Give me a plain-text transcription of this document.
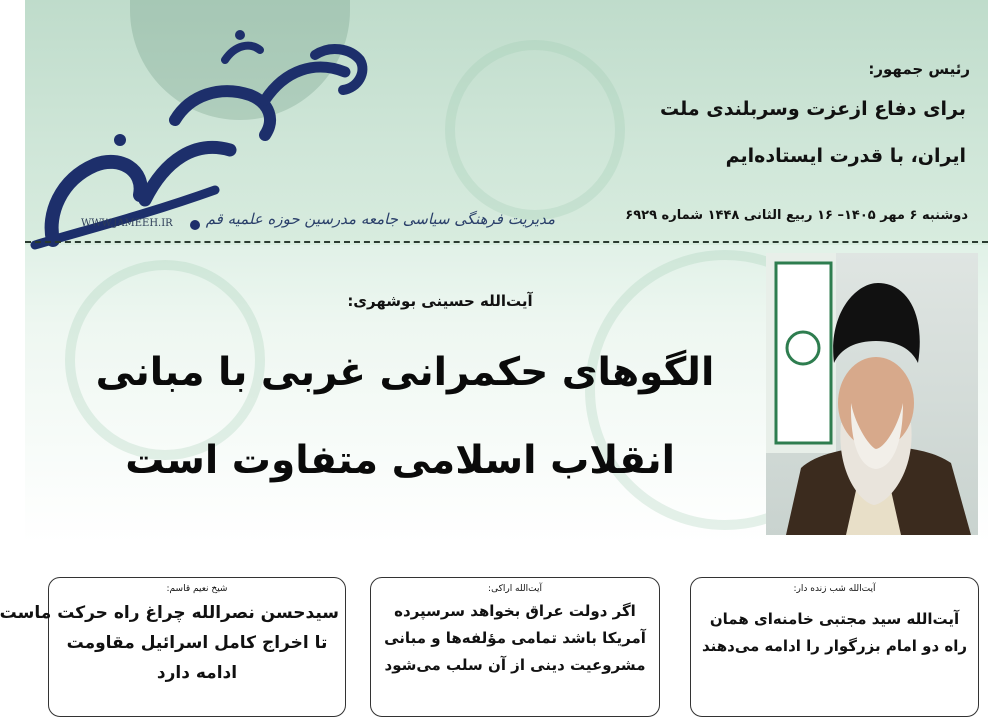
WWW.JAMEEH.IR مدیریت فرهنگی سیاسی جامعه مدرسین حوزه علمیه قم
رئیس جمهور:
برای دفاع ازعزت وسربلندی ملت
ایران، با قدرت ایستاده‌ایم
دوشنبه ۶ مهر ۱۴۰۵– ۱۶ ربیع الثانی ۱۴۴۸ شماره ۶۹۲۹
آیت‌الله حسینی بوشهری:
الگوهای حکمرانی غربی با مبانی
انقلاب اسلامی متفاوت است
آیت‌الله شب زنده دار:
آیت‌الله سید مجتبی خامنه‌ای همان
راه دو امام بزرگوار را ادامه می‌دهند
آیت‌الله اراکی:
اگر دولت عراق بخواهد سرسپرده
آمریکا باشد تمامی مؤلفه‌ها و مبانی
مشروعیت دینی از آن سلب می‌شود
شیخ نعیم قاسم:
سیدحسن نصرالله چراغ راه حرکت ماست
تا اخراج کامل اسرائیل مقاومت
ادامه دارد
